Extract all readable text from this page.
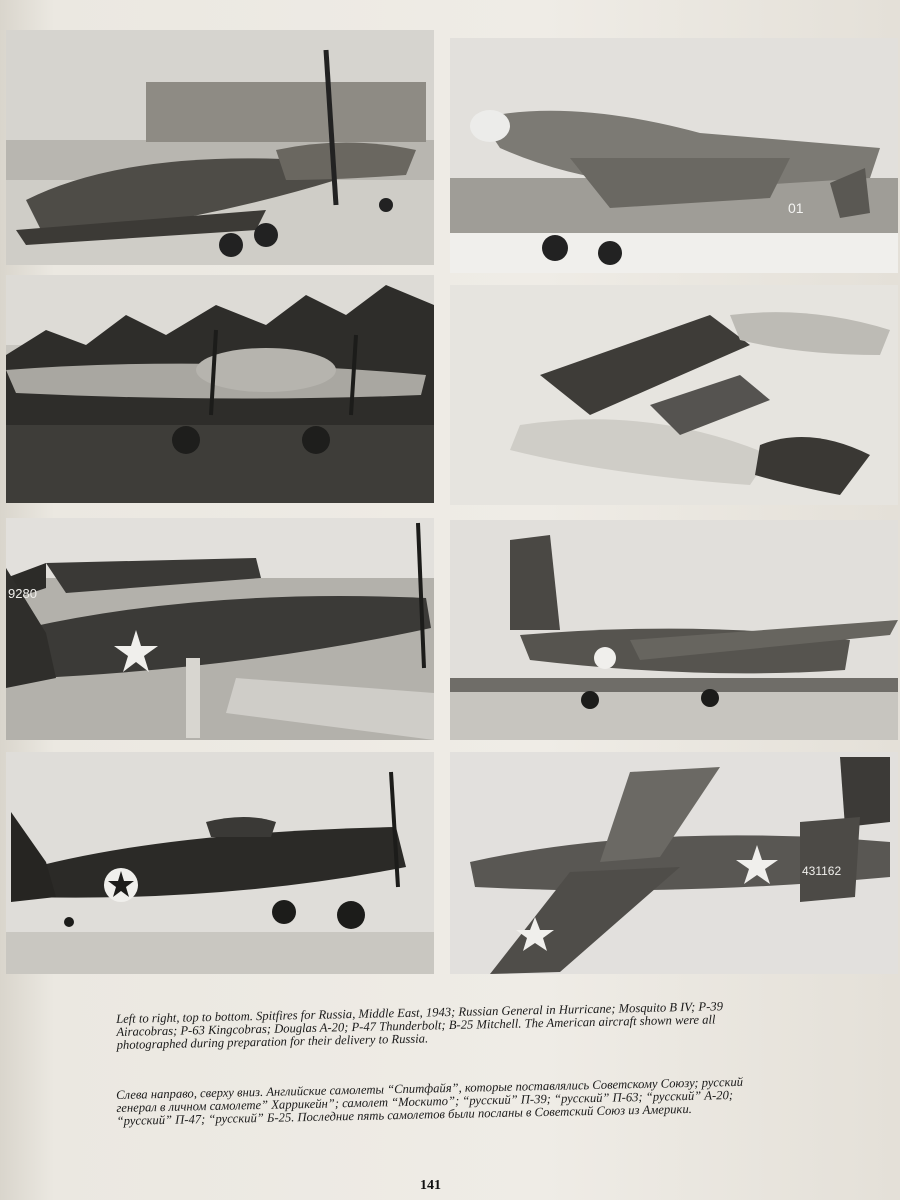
01
9280
431162

Left to right, top to bottom. Spitfires for Russia, Middle East, 1943; Russian General in Hurricane; Mosquito B IV; P-39 Airacobras; P-63 Kingcobras; Douglas A-20; P-47 Thunderbolt; B-25 Mitchell. The American aircraft shown were all photographed during preparation for their delivery to Russia.

Слева направо, сверху вниз. Английские самолеты “Спитфайя”, которые поставлялись Советскому Союзу; русский генерал в личном самолете” Харрикейн”; самолет “Москито”; “русский” П-39; “русский” П-63; “русский” А-20; “русский” П-47; “русский” Б-25. Последние пять самолетов были посланы в Советский Союз из Америки.

141
